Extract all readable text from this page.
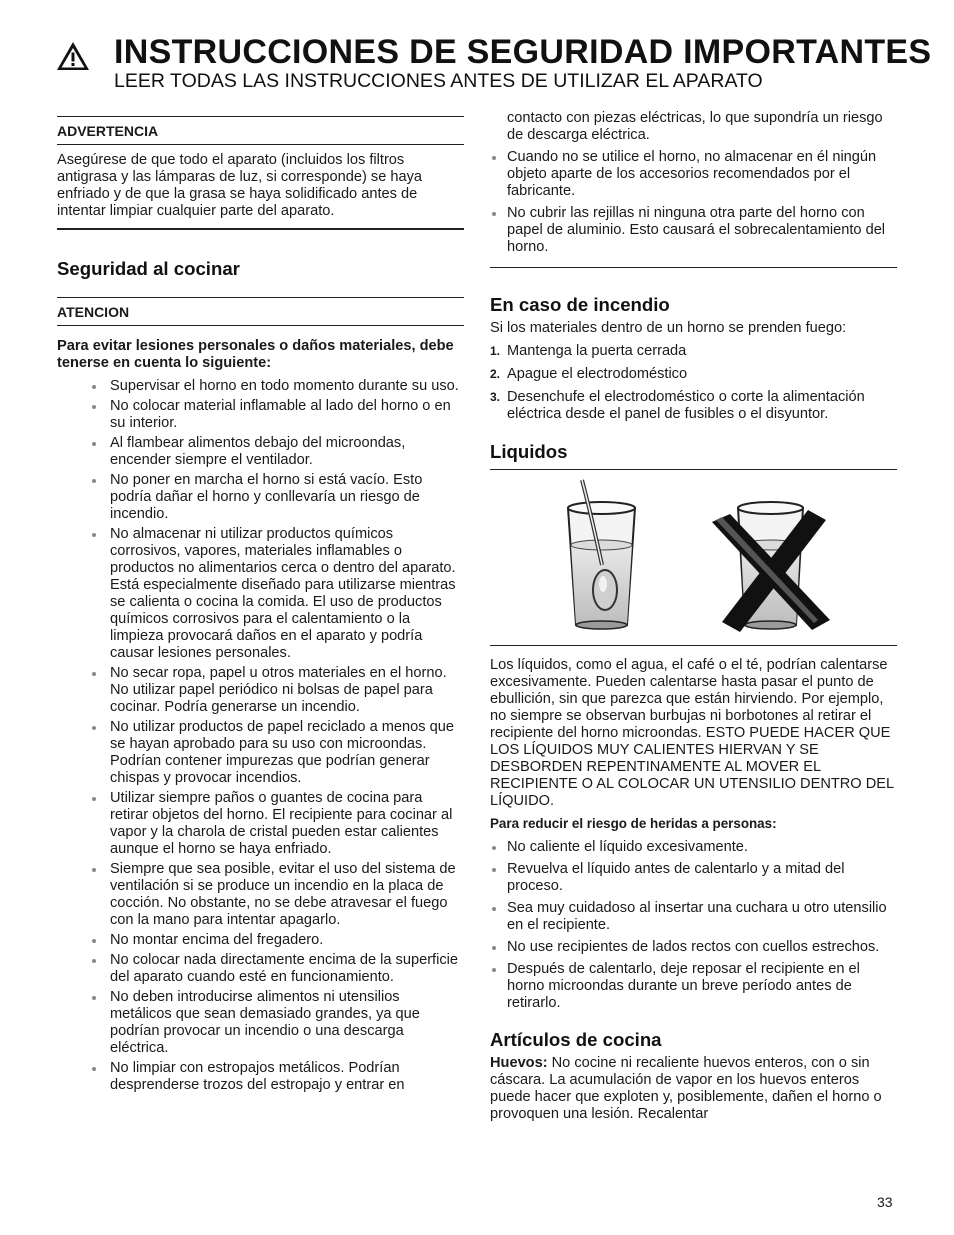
INSTRUCCIONES DE SEGURIDAD IMPORTANTES
LEER TODAS LAS INSTRUCCIONES ANTES DE UTILIZAR EL APARATO
ADVERTENCIA
Asegúrese de que todo el aparato (incluidos los filtros antigrasa y las lámparas de luz, si corresponde) se haya enfriado y de que la grasa se haya solidificado antes de intentar limpiar cualquier parte del aparato.
Seguridad al cocinar
ATENCION
Para evitar lesiones personales o daños materiales, debe tenerse en cuenta lo siguiente:
Supervisar el horno en todo momento durante su uso.
No colocar material inflamable al lado del horno o en su interior.
Al flambear alimentos debajo del microondas, encender siempre el ventilador.
No poner en marcha el horno si está vacío. Esto podría dañar el horno y conllevaría un riesgo de incendio.
No almacenar ni utilizar productos químicos corrosivos, vapores, materiales inflamables o productos no alimentarios cerca o dentro del aparato. Está especialmente diseñado para utilizarse mientras se calienta o cocina la comida. El uso de productos químicos corrosivos para el calentamiento o la limpieza provocará daños en el aparato y podría causar lesiones personales.
No secar ropa, papel u otros materiales en el horno. No utilizar papel periódico ni bolsas de papel para cocinar. Podría generarse un incendio.
No utilizar productos de papel reciclado a menos que se hayan aprobado para su uso con microondas. Podrían contener impurezas que podrían generar chispas y provocar incendios.
Utilizar siempre paños o guantes de cocina para retirar objetos del horno. El recipiente para cocinar al vapor y la charola de cristal pueden estar calientes aunque el horno se haya enfriado.
Siempre que sea posible, evitar el uso del sistema de ventilación si se produce un incendio en la placa de cocción. No obstante, no se debe atravesar el fuego con la mano para intentar apagarlo.
No montar encima del fregadero.
No colocar nada directamente encima de la superficie del aparato cuando esté en funcionamiento.
No deben introducirse alimentos ni utensilios metálicos que sean demasiado grandes, ya que podrían provocar un incendio o una descarga eléctrica.
No limpiar con estropajos metálicos. Podrían desprenderse trozos del estropajo y entrar en
contacto con piezas eléctricas, lo que supondría un riesgo de descarga eléctrica.
Cuando no se utilice el horno, no almacenar en él ningún objeto aparte de los accesorios recomendados por el fabricante.
No cubrir las rejillas ni ninguna otra parte del horno con papel de aluminio. Esto causará el sobrecalentamiento del horno.
En caso de incendio

Si los materiales dentro de un horno se prenden fuego:

1. Mantenga la puerta cerrada
2. Apague el electrodoméstico
3. Desenchufe el electrodoméstico o corte la alimentación eléctrica desde el panel de fusibles o el disyuntor.
Liquidos

Los líquidos, como el agua, el café o el té, podrían calentarse excesivamente. Pueden calentarse hasta pasar el punto de ebullición, sin que parezca que están hirviendo. Por ejemplo, no siempre se observan burbujas ni borbotones al retirar el recipiente del horno microondas. ESTO PUEDE HACER QUE LOS LÍQUIDOS MUY CALIENTES HIERVAN Y SE DESBORDEN REPENTINAMENTE AL MOVER EL RECIPIENTE O AL COLOCAR UN UTENSILIO DENTRO DEL LÍQUIDO.

Para reducir el riesgo de heridas a personas:
No caliente el líquido excesivamente.
Revuelva el líquido antes de calentarlo y a mitad del proceso.
Sea muy cuidadoso al insertar una cuchara u otro utensilio en el recipiente.
No use recipientes de lados rectos con cuellos estrechos.
Después de calentarlo, deje reposar el recipiente en el horno microondas durante un breve período antes de retirarlo.
Artículos de cocina

Huevos: No cocine ni recaliente huevos enteros, con o sin cáscara. La acumulación de vapor en los huevos enteros puede hacer que exploten y, posiblemente, dañen el horno o provoquen una lesión. Recalentar

33
